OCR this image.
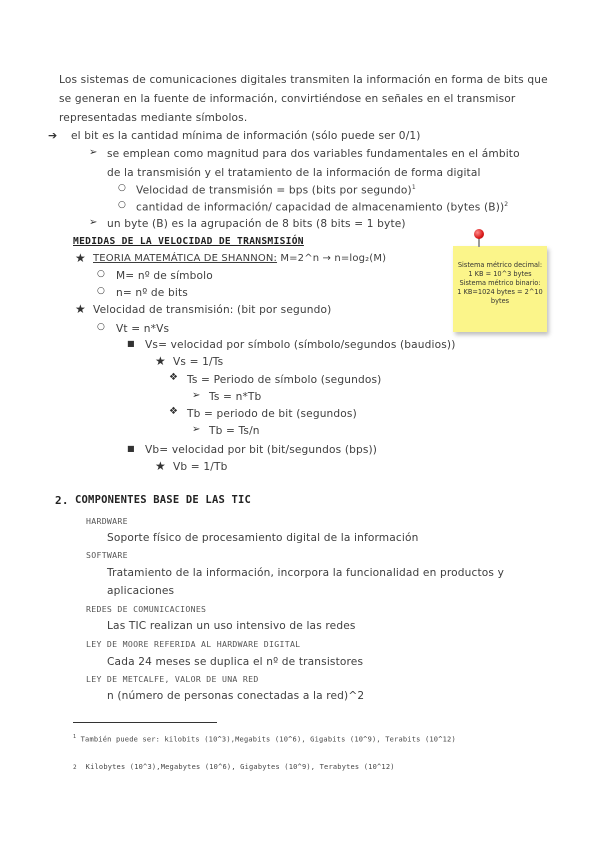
Los sistemas de comunicaciones digitales transmiten la información en forma de bits que
se generan en la fuente de información, convirtiéndose en señales en el transmisor
representadas mediante símbolos.
➔ el bit es la cantidad mínima de información (sólo puede ser 0/1)
➢ se emplean como magnitud para dos variables fundamentales en el ámbito
de la transmisión y el tratamiento de la información de forma digital
○ Velocidad de transmisión = bps (bits por segundo)$^1$
○ cantidad de información/ capacidad de almacenamiento (bytes (B))$^2$
➢ un byte (B) es la agrupación de 8 bits (8 bits = 1 byte)
MEDIDAS DE LA VELOCIDAD DE TRANSMISIÓN
★ TEORIA MATEMÁTICA DE SHANNON: M=2^n → n=log₂(M)
○ M= nº de símbolo
○ n= nº de bits
★ Velocidad de transmisión: (bit por segundo)
○ Vt = n*Vs
■ Vs= velocidad por símbolo (símbolo/segundos (baudios))
★ Vs = 1/Ts
❖ Ts = Periodo de símbolo (segundos)
➢ Ts = n*Tb
❖ Tb = periodo de bit (segundos)
➢ Tb = Ts/n
■ Vb= velocidad por bit (bit/segundos (bps))
★ Vb = 1/Tb
Sistema métrico decimal:
1 KB = 10^3 bytes
Sistema métrico binario:
1 KB=1024 bytes = 2^10
bytes
2. COMPONENTES BASE DE LAS TIC
HARDWARE
Soporte físico de procesamiento digital de la información
SOFTWARE
Tratamiento de la información, incorpora la funcionalidad en productos y
aplicaciones
REDES DE COMUNICACIONES
Las TIC realizan un uso intensivo de las redes
LEY DE MOORE REFERIDA AL HARDWARE DIGITAL
Cada 24 meses se duplica el nº de transistores
LEY DE METCALFE, VALOR DE UNA RED
n (número de personas conectadas a la red)^2
$^1$ También puede ser: kilobits (10^3),Megabits (10^6), Gigabits (10^9), Terabits (10^12)
2 Kilobytes (10^3),Megabytes (10^6), Gigabytes (10^9), Terabytes (10^12)
